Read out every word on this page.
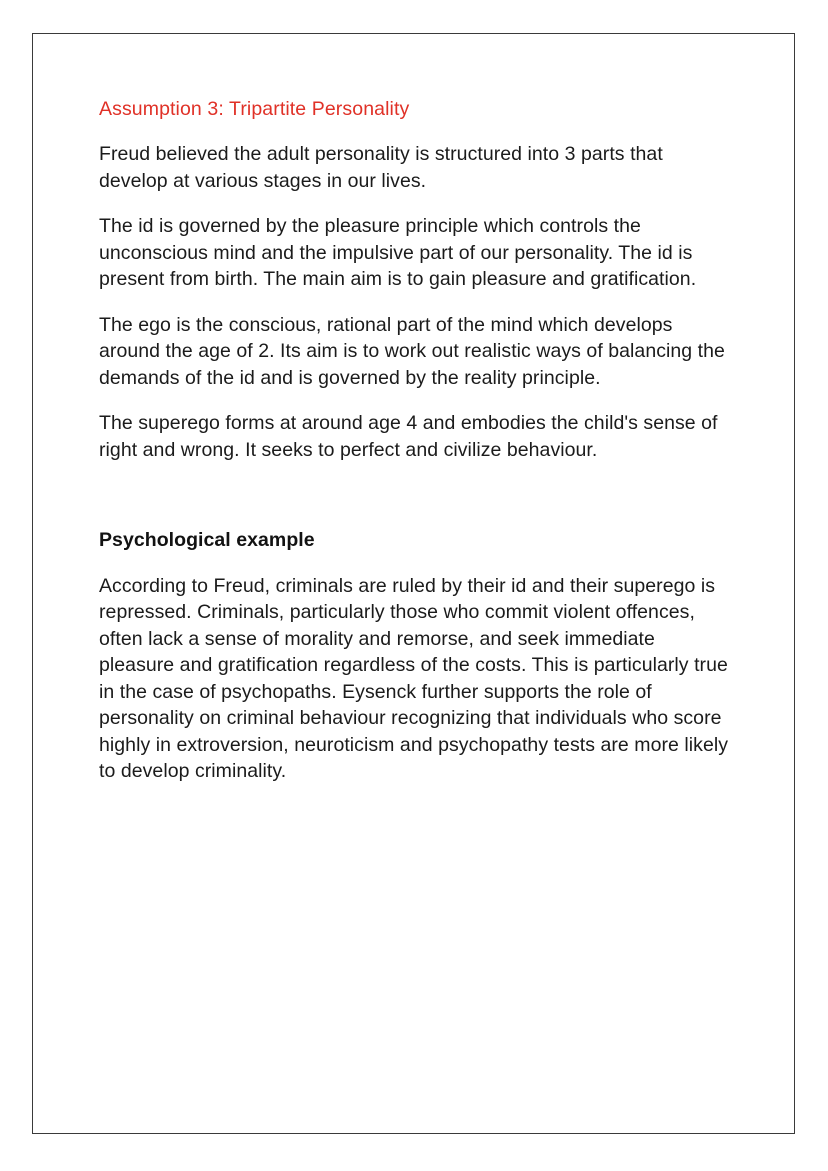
Assumption 3: Tripartite Personality

Freud believed the adult personality is structured into 3 parts that develop at various stages in our lives.

The id is governed by the pleasure principle which controls the unconscious mind and the impulsive part of our personality. The id is present from birth. The main aim is to gain pleasure and gratification.

The ego is the conscious, rational part of the mind which develops around the age of 2. Its aim is to work out realistic ways of balancing the demands of the id and is governed by the reality principle.

The superego forms at around age 4 and embodies the child's sense of right and wrong. It seeks to perfect and civilize behaviour.

Psychological example

According to Freud, criminals are ruled by their id and their superego is repressed. Criminals, particularly those who commit violent offences, often lack a sense of morality and remorse, and seek immediate pleasure and gratification regardless of the costs. This is particularly true in the case of psychopaths. Eysenck further supports the role of personality on criminal behaviour recognizing that individuals who score highly in extroversion, neuroticism and psychopathy tests are more likely to develop criminality.
